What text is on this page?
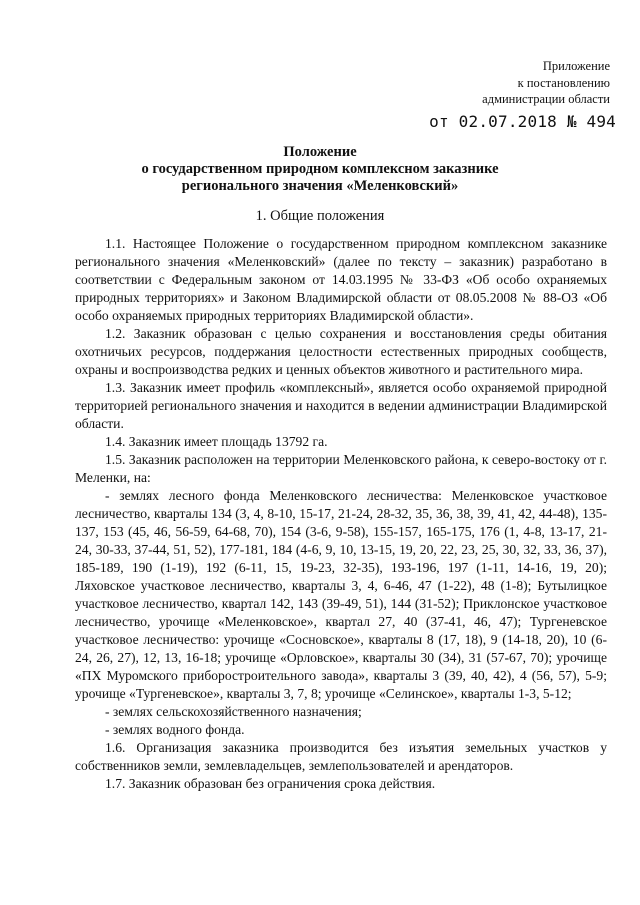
Приложение
к постановлению
администрации области
от 02.07.2018 № 494
Положение
о государственном природном комплексном заказнике
регионального значения «Меленковский»
1. Общие положения

1.1. Настоящее Положение о государственном природном комплексном заказнике регионального значения «Меленковский» (далее по тексту – заказник) разработано в соответствии с Федеральным законом от 14.03.1995 № 33-ФЗ «Об особо охраняемых природных территориях» и Законом Владимирской области от 08.05.2008 № 88-ОЗ «Об особо охраняемых природных территориях Владимирской области».

1.2. Заказник образован с целью сохранения и восстановления среды обитания охотничьих ресурсов, поддержания целостности естественных природных сообществ, охраны и воспроизводства редких и ценных объектов животного и растительного мира.

1.3. Заказник имеет профиль «комплексный», является особо охраняемой природной территорией регионального значения и находится в ведении администрации Владимирской области.

1.4. Заказник имеет площадь 13792 га.

1.5. Заказник расположен на территории Меленковского района, к северо-востоку от г. Меленки, на:

- землях лесного фонда Меленковского лесничества: Меленковское участковое лесничество, кварталы 134 (3, 4, 8-10, 15-17, 21-24, 28-32, 35, 36, 38, 39, 41, 42, 44-48), 135-137, 153 (45, 46, 56-59, 64-68, 70), 154 (3-6, 9-58), 155-157, 165-175, 176 (1, 4-8, 13-17, 21-24, 30-33, 37-44, 51, 52), 177-181, 184 (4-6, 9, 10, 13-15, 19, 20, 22, 23, 25, 30, 32, 33, 36, 37), 185-189, 190 (1-19), 192 (6-11, 15, 19-23, 32-35), 193-196, 197 (1-11, 14-16, 19, 20); Ляховское участковое лесничество, кварталы 3, 4, 6-46, 47 (1-22), 48 (1-8); Бутылицкое участковое лесничество, квартал 142, 143 (39-49, 51), 144 (31-52); Приклонское участковое лесничество, урочище «Меленковское», квартал 27, 40 (37-41, 46, 47); Тургеневское участковое лесничество: урочище «Сосновское», кварталы 8 (17, 18), 9 (14-18, 20), 10 (6-24, 26, 27), 12, 13, 16-18; урочище «Орловское», кварталы 30 (34), 31 (57-67, 70); урочище «ПХ Муромского приборостроительного завода», кварталы 3 (39, 40, 42), 4 (56, 57), 5-9; урочище «Тургеневское», кварталы 3, 7, 8; урочище «Селинское», кварталы 1-3, 5-12;

- землях сельскохозяйственного назначения;

- землях водного фонда.

1.6. Организация заказника производится без изъятия земельных участков у собственников земли, землевладельцев, землепользователей и арендаторов.

1.7. Заказник образован без ограничения срока действия.
